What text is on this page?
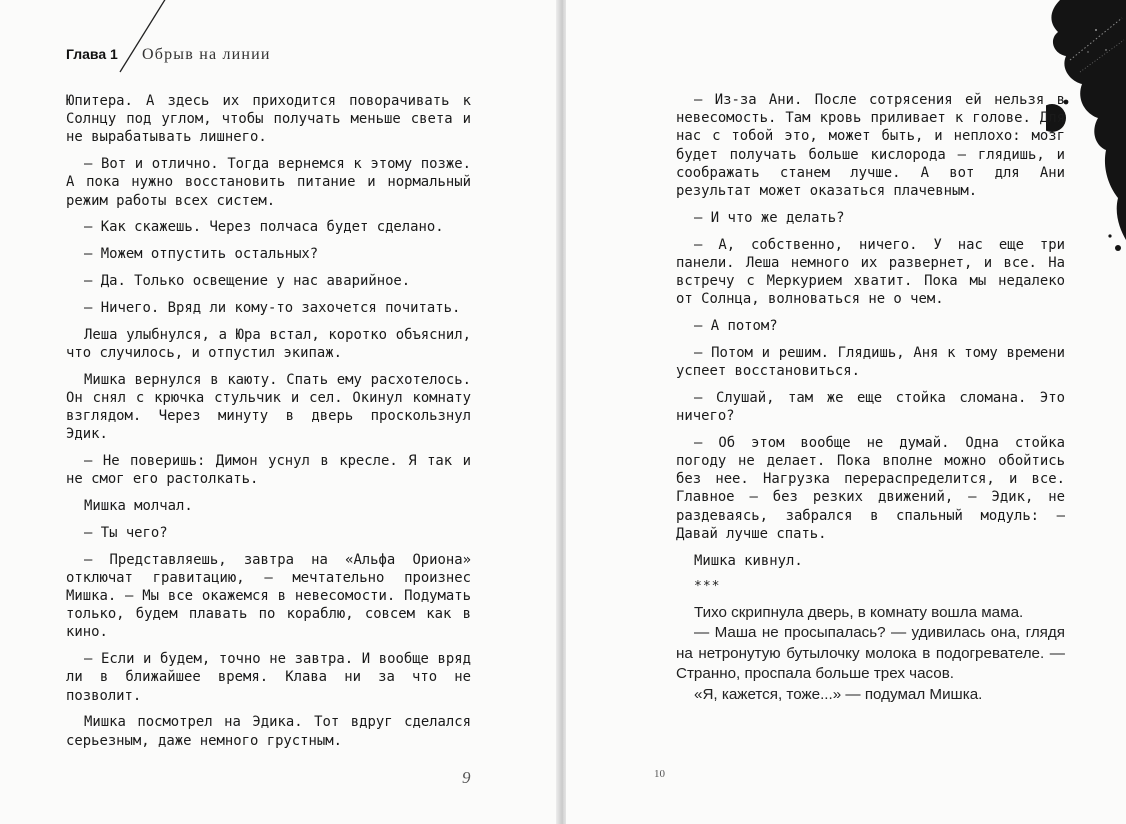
Глава 1 Обрыв на линии

Юпитера. А здесь их приходится поворачивать к Солнцу под углом, чтобы получать меньше света и не вырабатывать лишнего.

— Вот и отлично. Тогда вернемся к этому позже. А пока нужно восстановить питание и нормальный режим работы всех систем.

— Как скажешь. Через полчаса будет сделано.

— Можем отпустить остальных?

— Да. Только освещение у нас аварийное.

— Ничего. Вряд ли кому-то захочется почитать.

Леша улыбнулся, а Юра встал, коротко объяснил, что случилось, и отпустил экипаж.

Мишка вернулся в каюту. Спать ему расхотелось. Он снял с крючка стульчик и сел. Окинул комнату взглядом. Через минуту в дверь проскользнул Эдик.

— Не поверишь: Димон уснул в кресле. Я так и не смог его растолкать.

Мишка молчал.

— Ты чего?

— Представляешь, завтра на «Альфа Ориона» отключат гравитацию, — мечтательно произнес Мишка. — Мы все окажемся в невесомости. Подумать только, будем плавать по кораблю, совсем как в кино.

— Если и будем, точно не завтра. И вообще вряд ли в ближайшее время. Клава ни за что не позволит.

Мишка посмотрел на Эдика. Тот вдруг сделался серьезным, даже немного грустным.

9

— Из-за Ани. После сотрясения ей нельзя в невесомость. Там кровь приливает к голове. Для нас с тобой это, может быть, и неплохо: мозг будет получать больше кислорода — глядишь, и соображать станем лучше. А вот для Ани результат может оказаться плачевным.

— И что же делать?

— А, собственно, ничего. У нас еще три панели. Леша немного их развернет, и все. На встречу с Меркурием хватит. Пока мы недалеко от Солнца, волноваться не о чем.

— А потом?

— Потом и решим. Глядишь, Аня к тому времени успеет восстановиться.

— Слушай, там же еще стойка сломана. Это ничего?

— Об этом вообще не думай. Одна стойка погоду не делает. Пока вполне можно обойтись без нее. Нагрузка перераспределится, и все. Главное — без резких движений, — Эдик, не раздеваясь, забрался в спальный модуль: — Давай лучше спать.

Мишка кивнул.

***

Тихо скрипнула дверь, в комнату вошла мама.

— Маша не просыпалась? — удивилась она, глядя на нетронутую бутылочку молока в подогревателе. — Странно, проспала больше трех часов.

«Я, кажется, тоже...» — подумал Мишка.

10
